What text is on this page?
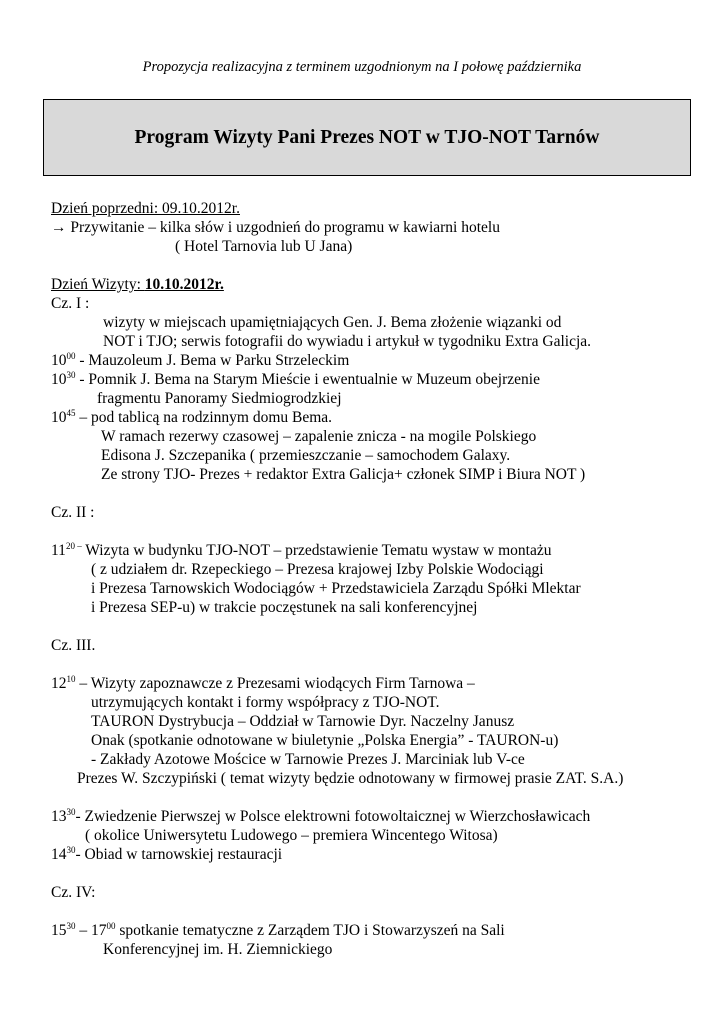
Propozycja realizacyjna z terminem uzgodnionym na I połowę października
Program Wizyty Pani Prezes NOT w TJO-NOT Tarnów
Dzień poprzedni: 09.10.2012r.
→ Przywitanie – kilka słów i uzgodnień do programu w kawiarni hotelu
( Hotel Tarnovia lub U Jana)
Dzień Wizyty: 10.10.2012r.
Cz. I :
wizyty w miejscach upamiętniających Gen. J. Bema złożenie wiązanki od
NOT i TJO; serwis fotografii do wywiadu i artykuł w tygodniku Extra Galicja.
$10^{00}$ - Mauzoleum J. Bema w Parku Strzeleckim
$10^{30}$ - Pomnik J. Bema na Starym Mieście i ewentualnie w Muzeum obejrzenie
fragmentu Panoramy Siedmiogrodzkiej
$10^{45}$ – pod tablicą na rodzinnym domu Bema.
W ramach rezerwy czasowej – zapalenie znicza - na mogile Polskiego
Edisona J. Szczepanika ( przemieszczanie – samochodem Galaxy.
Ze strony TJO- Prezes + redaktor Extra Galicja+ członek SIMP i Biura NOT )
Cz. II :
$11^{20 -}$ Wizyta w budynku TJO-NOT – przedstawienie Tematu wystaw w montażu
( z udziałem dr. Rzepeckiego – Prezesa krajowej Izby Polskie Wodociągi
i Prezesa Tarnowskich Wodociągów + Przedstawiciela Zarządu Spółki Mlektar
i Prezesa SEP-u) w trakcie poczęstunek na sali konferencyjnej
Cz. III.
$12^{10}$ – Wizyty zapoznawcze z Prezesami wiodących Firm Tarnowa –
utrzymujących kontakt i formy współpracy z TJO-NOT.
TAURON Dystrybucja – Oddział w Tarnowie Dyr. Naczelny Janusz
Onak (spotkanie odnotowane w biuletynie „Polska Energia” - TAURON-u)
- Zakłady Azotowe Mościce w Tarnowie Prezes J. Marciniak lub V-ce
Prezes W. Szczypiński ( temat wizyty będzie odnotowany w firmowej prasie ZAT. S.A.)
$13^{30}-$ Zwiedzenie Pierwszej w Polsce elektrowni fotowoltaicznej w Wierzchosławicach
( okolice Uniwersytetu Ludowego – premiera Wincentego Witosa)
$14^{30}-$ Obiad w tarnowskiej restauracji
Cz. IV:
$15^{30} - 17^{00}$ spotkanie tematyczne z Zarządem TJO i Stowarzyszeń na Sali
Konferencyjnej im. H. Ziemnickiego
